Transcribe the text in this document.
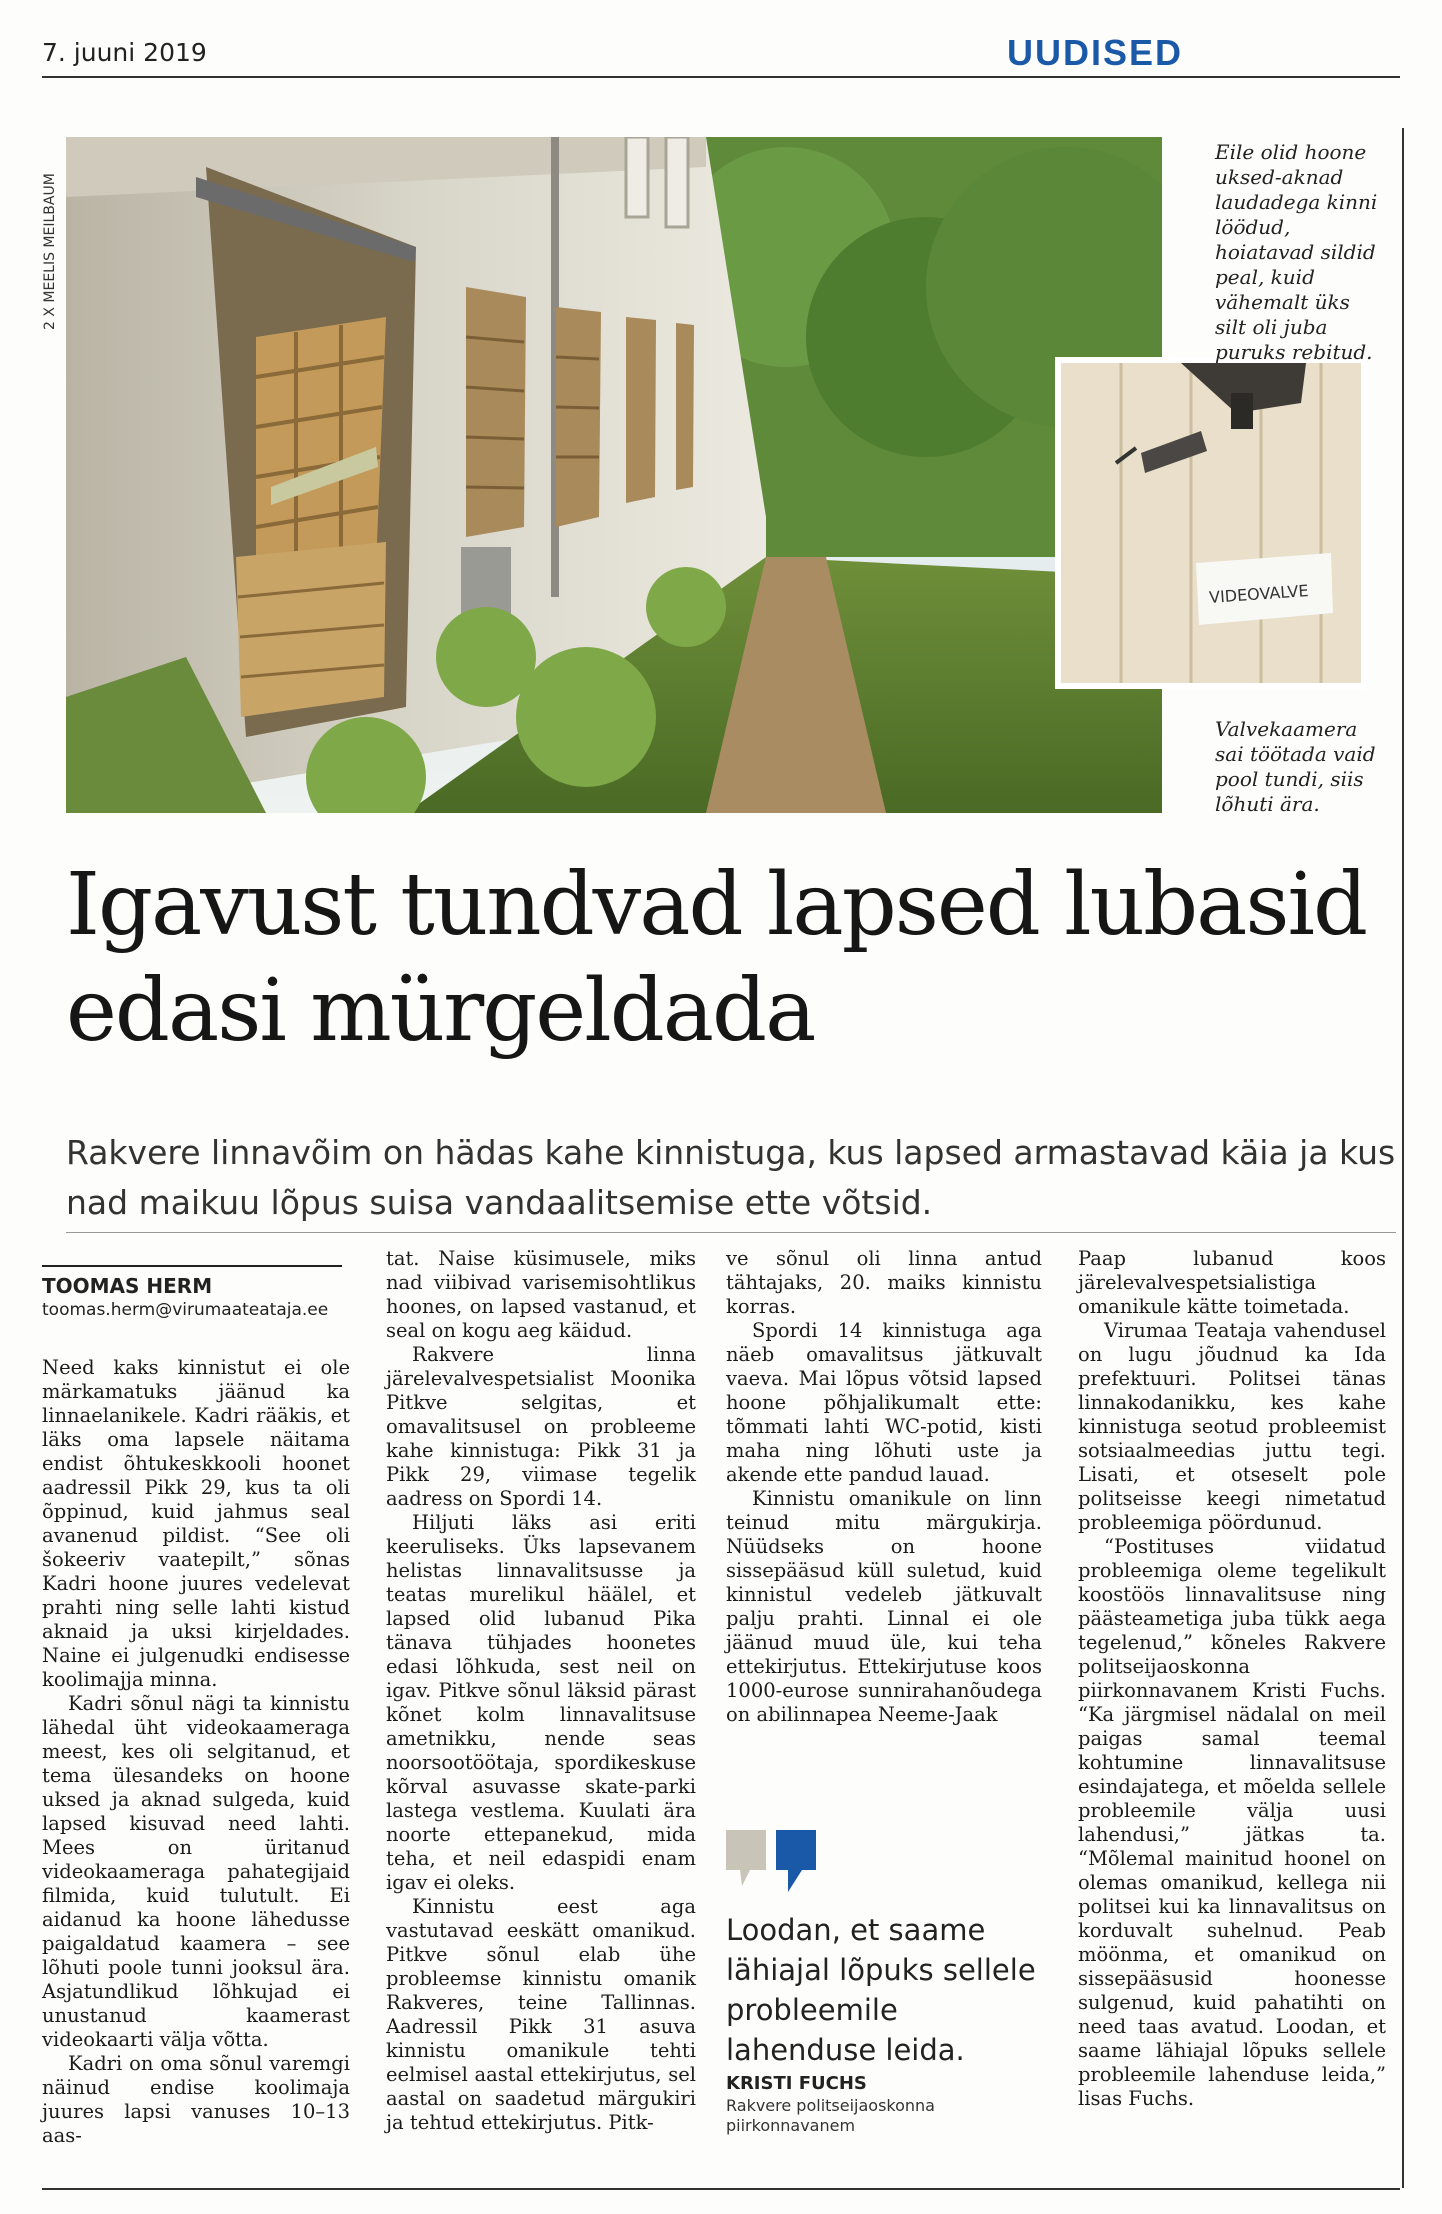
7. juuni 2019	UUDISED
2 X MEELIS MEILBAUM
VIDEOVALVE
Eile olid hoone uksed-aknad laudadega kinni löödud, hoiatavad sildid peal, kuid vähemalt üks silt oli juba puruks rebitud.
Valvekaamera sai töötada vaid pool tundi, siis lõhuti ära.
Igavust tundvad lapsed lubasid edasi mürgeldada
Rakvere linnavõim on hädas kahe kinnistuga, kus lapsed armastavad käia ja kus nad maikuu lõpus suisa vandaalitsemise ette võtsid.
TOOMAS HERM
toomas.herm@virumaateataja.ee

Need kaks kinnistut ei ole märkamatuks jäänud ka linnaelanikele. Kadri rääkis, et läks oma lapsele näitama endist õhtukeskkooli hoonet aadressil Pikk 29, kus ta oli õppinud, kuid jahmus seal avanenud pildist. “See oli šokeeriv vaatepilt,” sõnas Kadri hoone juures vedelevat prahti ning selle lahti kistud aknaid ja uksi kirjeldades. Naine ei julgenudki endisesse koolimajja minna.

Kadri sõnul nägi ta kinnistu lähedal üht videokaameraga meest, kes oli selgitanud, et tema ülesandeks on hoone uksed ja aknad sulgeda, kuid lapsed kisuvad need lahti. Mees on üritanud videokaameraga pahategijaid filmida, kuid tulutult. Ei aidanud ka hoone lähedusse paigaldatud kaamera – see lõhuti poole tunni jooksul ära. Asjatundlikud lõhkujad ei unustanud kaamerast videokaarti välja võtta.

Kadri on oma sõnul varemgi näinud endise koolimaja juures lapsi vanuses 10–13 aas-

tat. Naise küsimusele, miks nad viibivad varisemisohtlikus hoones, on lapsed vastanud, et seal on kogu aeg käidud.

Rakvere linna järelevalvespetsialist Moonika Pitkve selgitas, et omavalitsusel on probleeme kahe kinnistuga: Pikk 31 ja Pikk 29, viimase tegelik aadress on Spordi 14.

Hiljuti läks asi eriti keeruliseks. Üks lapsevanem helistas linnavalitsusse ja teatas murelikul häälel, et lapsed olid lubanud Pika tänava tühjades hoonetes edasi lõhkuda, sest neil on igav. Pitkve sõnul läksid pärast kõnet kolm linnavalitsuse ametnikku, nende seas noorsootöötaja, spordikeskuse kõrval asuvasse skate-parki lastega vestlema. Kuulati ära noorte ettepanekud, mida teha, et neil edaspidi enam igav ei oleks.

Kinnistu eest aga vastutavad eeskätt omanikud. Pitkve sõnul elab ühe probleemse kinnistu omanik Rakveres, teine Tallinnas. Aadressil Pikk 31 asuva kinnistu omanikule tehti eelmisel aastal ettekirjutus, sel aastal on saadetud märgukiri ja tehtud ettekirjutus. Pitk-

ve sõnul oli linna antud tähtajaks, 20. maiks kinnistu korras.

Spordi 14 kinnistuga aga näeb omavalitsus jätkuvalt vaeva. Mai lõpus võtsid lapsed hoone põhjalikumalt ette: tõmmati lahti WC-potid, kisti maha ning lõhuti uste ja akende ette pandud lauad.

Kinnistu omanikule on linn teinud mitu märgukirja. Nüüdseks on hoone sissepääsud küll suletud, kuid kinnistul vedeleb jätkuvalt palju prahti. Linnal ei ole jäänud muud üle, kui teha ettekirjutus. Ettekirjutuse koos 1000-eurose sunnirahanõudega on abilinnapea Neeme-Jaak

Loodan, et saame lähiajal lõpuks sellele probleemile lahenduse leida.
KRISTI FUCHS
Rakvere politseijaoskonna piirkonnavanem

Paap lubanud koos järelevalvespetsialistiga omanikule kätte toimetada.

Virumaa Teataja vahendusel on lugu jõudnud ka Ida prefektuuri. Politsei tänas linnakodanikku, kes kahe kinnistuga seotud probleemist sotsiaalmeedias juttu tegi. Lisati, et otseselt pole politseisse keegi nimetatud probleemiga pöördunud.

“Postituses viidatud probleemiga oleme tegelikult koostöös linnavalitsuse ning päästeametiga juba tükk aega tegelenud,” kõneles Rakvere politseijaoskonna piirkonnavanem Kristi Fuchs. “Ka järgmisel nädalal on meil paigas samal teemal kohtumine linnavalitsuse esindajatega, et mõelda sellele probleemile välja uusi lahendusi,” jätkas ta. “Mõlemal mainitud hoonel on olemas omanikud, kellega nii politsei kui ka linnavalitsus on korduvalt suhelnud. Peab möönma, et omanikud on sissepääsusid hoonesse sulgenud, kuid pahatihti on need taas avatud. Loodan, et saame lähiajal lõpuks sellele probleemile lahenduse leida,” lisas Fuchs.
